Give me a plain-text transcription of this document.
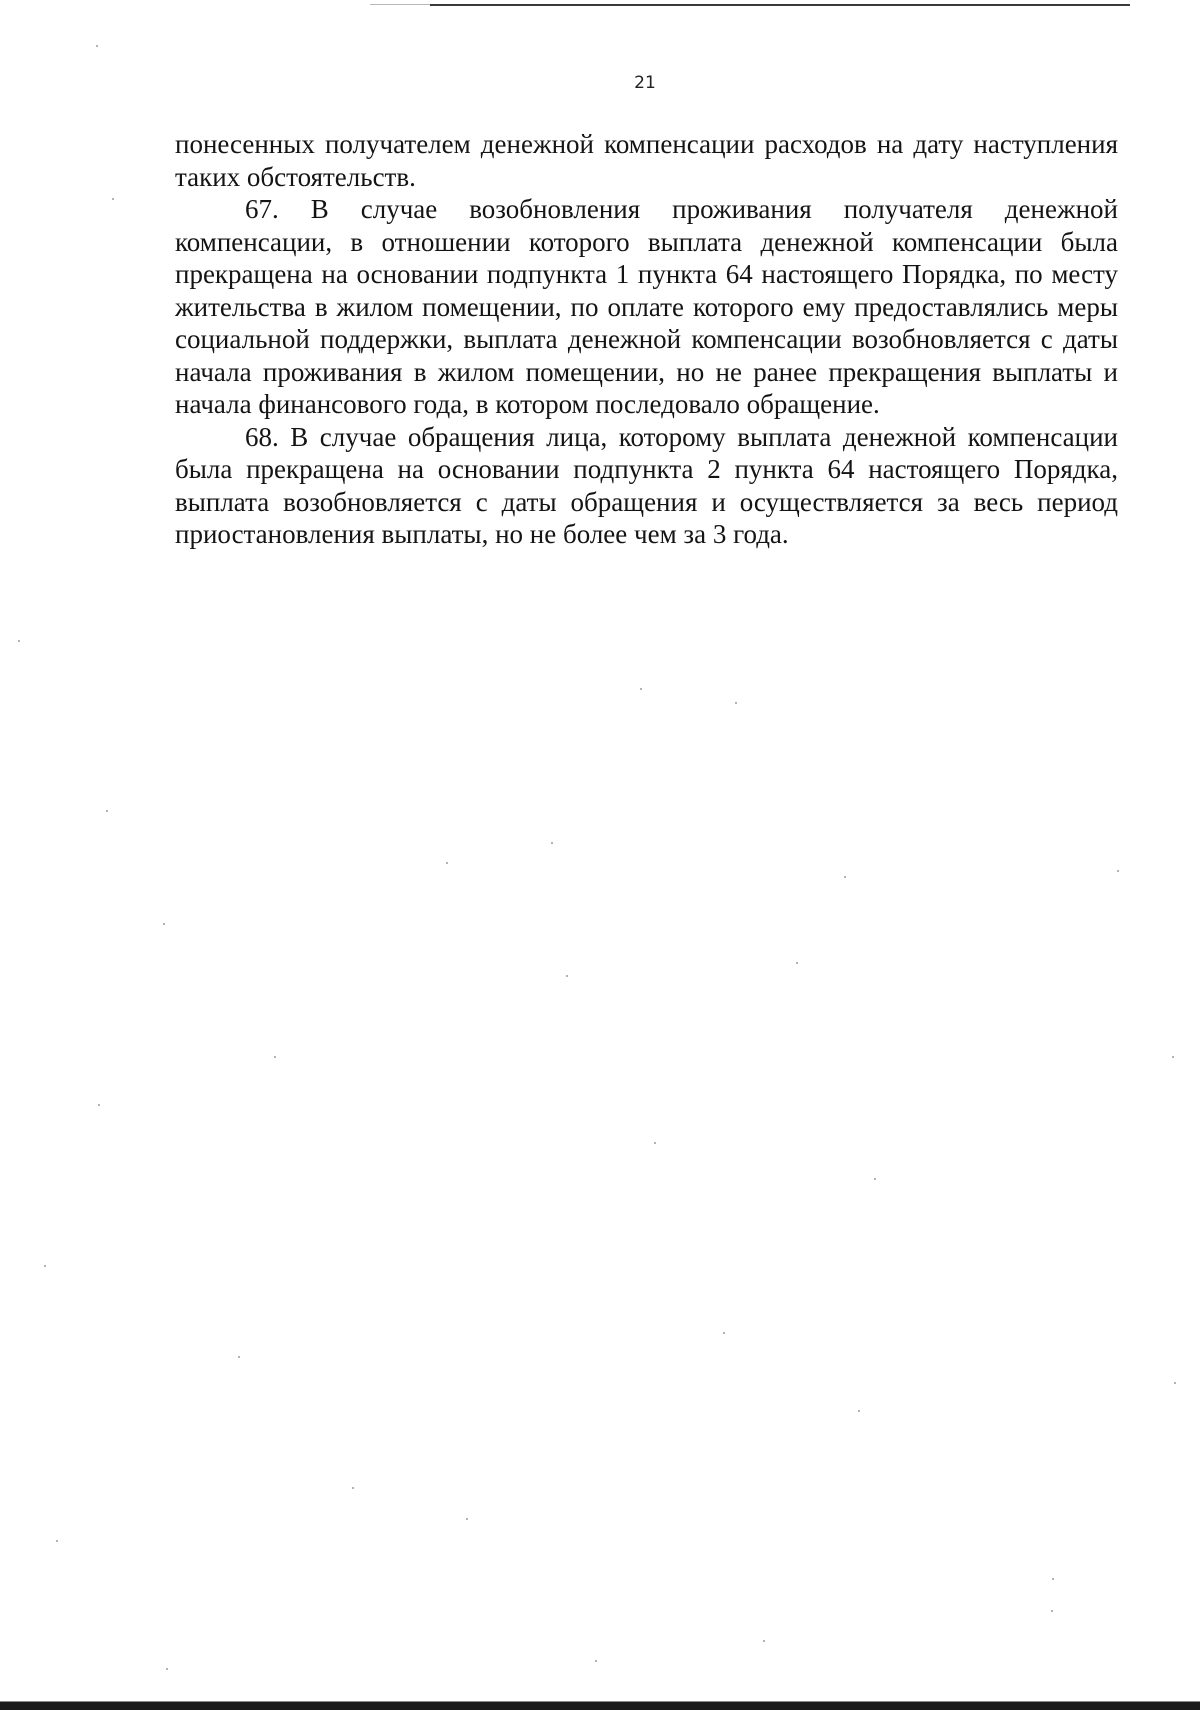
21

понесенных получателем денежной компенсации расходов на дату наступления таких обстоятельств.

67. В случае возобновления проживания получателя денежной компенсации, в отношении которого выплата денежной компенсации была прекращена на основании подпункта 1 пункта 64 настоящего Порядка, по месту жительства в жилом помещении, по оплате которого ему предоставлялись меры социальной поддержки, выплата денежной компенсации возобновляется с даты начала проживания в жилом помещении, но не ранее прекращения выплаты и начала финансового года, в котором последовало обращение.

68. В случае обращения лица, которому выплата денежной компенсации была прекращена на основании подпункта 2 пункта 64 настоящего Порядка, выплата возобновляется с даты обращения и осуществляется за весь период приостановления выплаты, но не более чем за 3 года.
